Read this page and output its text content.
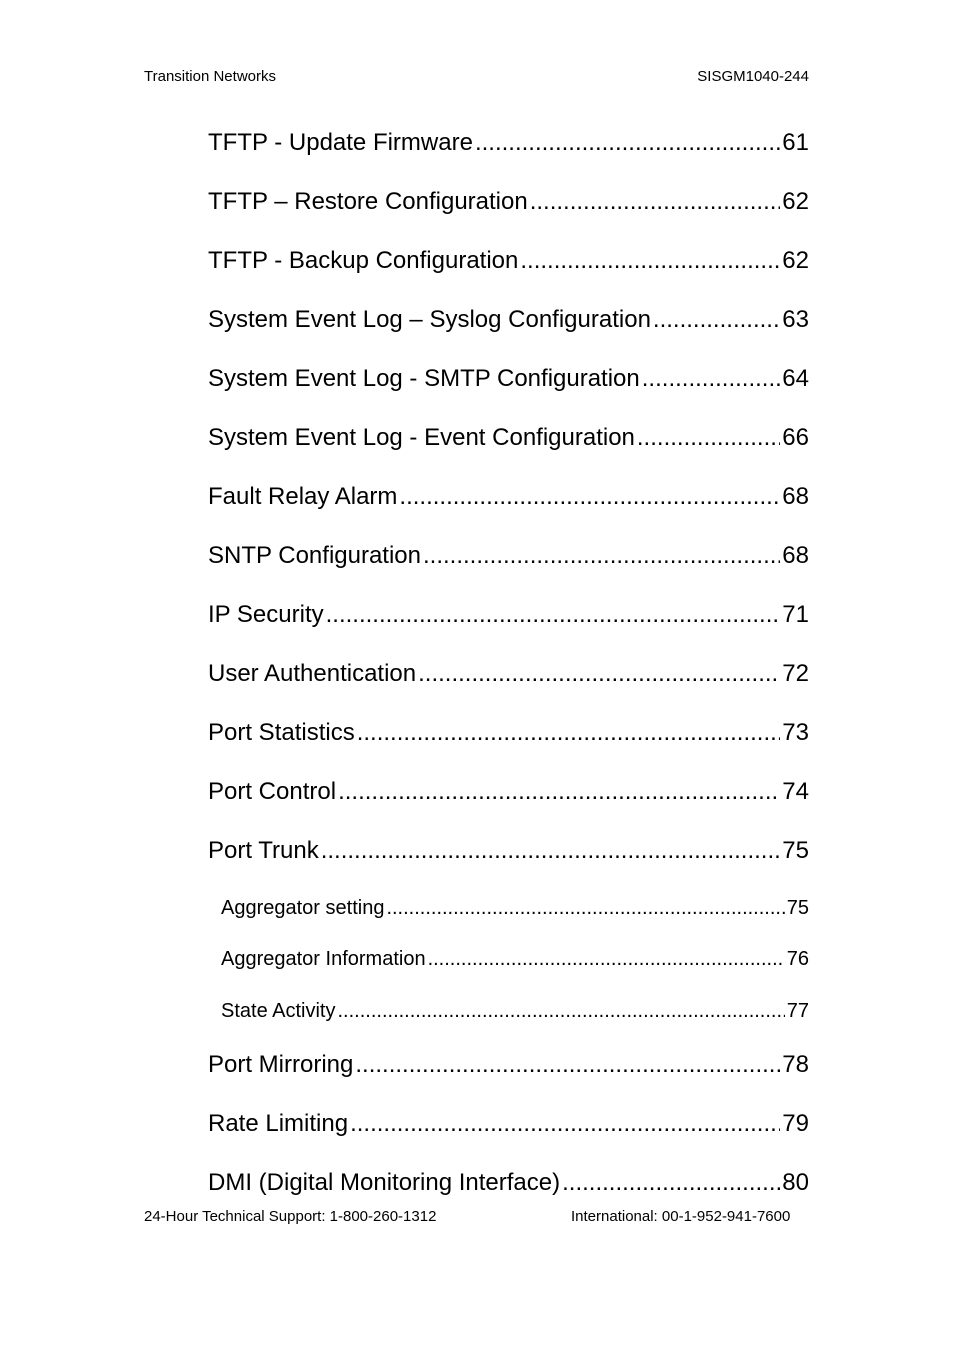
Transition Networks	SISGM1040-244
TFTP - Update Firmware .....	61
TFTP – Restore Configuration .....	62
TFTP - Backup Configuration .....	62
System Event Log – Syslog Configuration .....	63
System Event Log - SMTP Configuration .....	64
System Event Log - Event Configuration .....	66
Fault Relay Alarm .....	68
SNTP Configuration .....	68
IP Security .....	71
User Authentication .....	72
Port Statistics .....	73
Port Control .....	74
Port Trunk .....	75
Aggregator setting .....	75
Aggregator Information .....	76
State Activity .....	77
Port Mirroring .....	78
Rate Limiting .....	79
DMI (Digital Monitoring Interface) .....	80
24-Hour Technical Support: 1-800-260-1312	International: 00-1-952-941-7600
